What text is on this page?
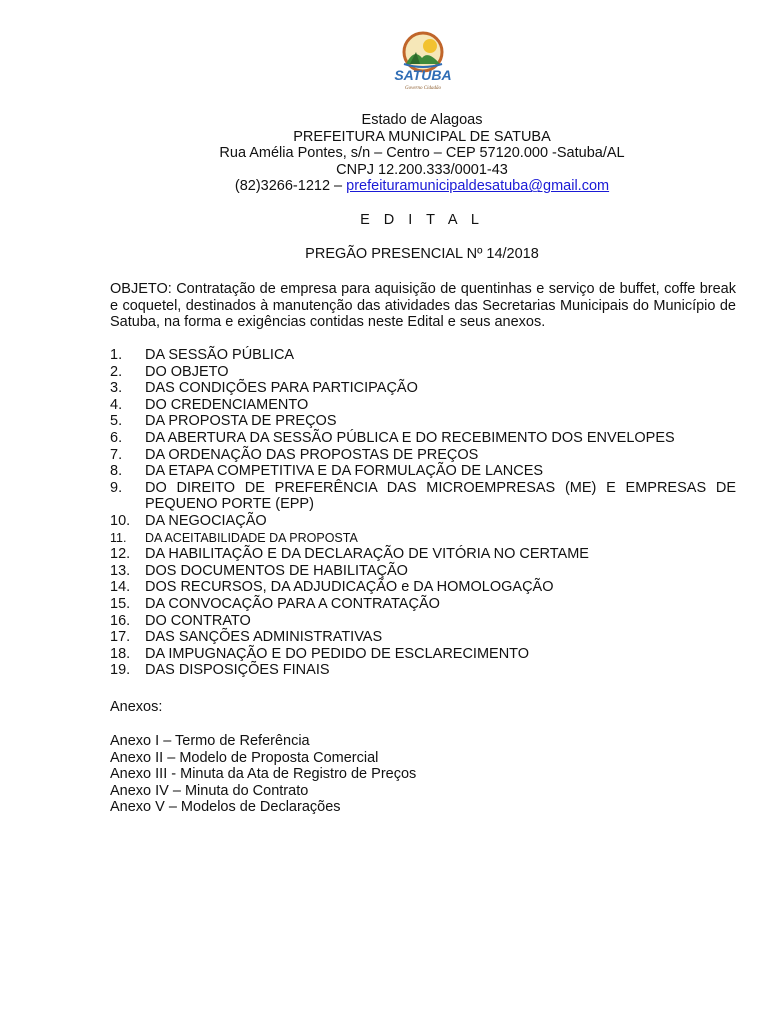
SATUBA
Governo Cidadão
Estado de Alagoas
PREFEITURA MUNICIPAL DE SATUBA
Rua Amélia Pontes, s/n – Centro – CEP 57120.000 -Satuba/AL
CNPJ 12.200.333/0001-43
(82)3266-1212 – prefeituramunicipaldesatuba@gmail.com
E D I T A L
PREGÃO PRESENCIAL Nº 14/2018
OBJETO: Contratação de empresa para aquisição de quentinhas e serviço de buffet, coffe break e coquetel, destinados à manutenção das atividades das Secretarias Municipais do Município de Satuba, na forma e exigências contidas neste Edital e seus anexos.
1.	DA SESSÃO PÚBLICA
2.	DO OBJETO
3.	DAS CONDIÇÕES PARA PARTICIPAÇÃO
4.	DO CREDENCIAMENTO
5.	DA PROPOSTA DE PREÇOS
6.	DA ABERTURA DA SESSÃO PÚBLICA E DO RECEBIMENTO DOS ENVELOPES
7.	DA ORDENAÇÃO DAS PROPOSTAS DE PREÇOS
8.	DA ETAPA COMPETITIVA E DA FORMULAÇÃO DE LANCES
9.	DO DIREITO DE PREFERÊNCIA DAS MICROEMPRESAS (ME) E EMPRESAS DE PEQUENO PORTE (EPP)
10.	DA NEGOCIAÇÃO
11.	DA ACEITABILIDADE DA PROPOSTA
12.	DA HABILITAÇÃO E DA DECLARAÇÃO DE VITÓRIA NO CERTAME
13.	DOS DOCUMENTOS DE HABILITAÇÃO
14.	DOS RECURSOS, DA ADJUDICAÇÃO e DA HOMOLOGAÇÃO
15.	DA CONVOCAÇÃO PARA A CONTRATAÇÃO
16.	DO CONTRATO
17.	DAS SANÇÕES ADMINISTRATIVAS
18.	DA IMPUGNAÇÃO E DO PEDIDO DE ESCLARECIMENTO
19.	DAS DISPOSIÇÕES FINAIS
Anexos:
Anexo I – Termo de Referência
Anexo II – Modelo de Proposta Comercial
Anexo III - Minuta da Ata de Registro de Preços
Anexo IV – Minuta do Contrato
Anexo V – Modelos de Declarações
